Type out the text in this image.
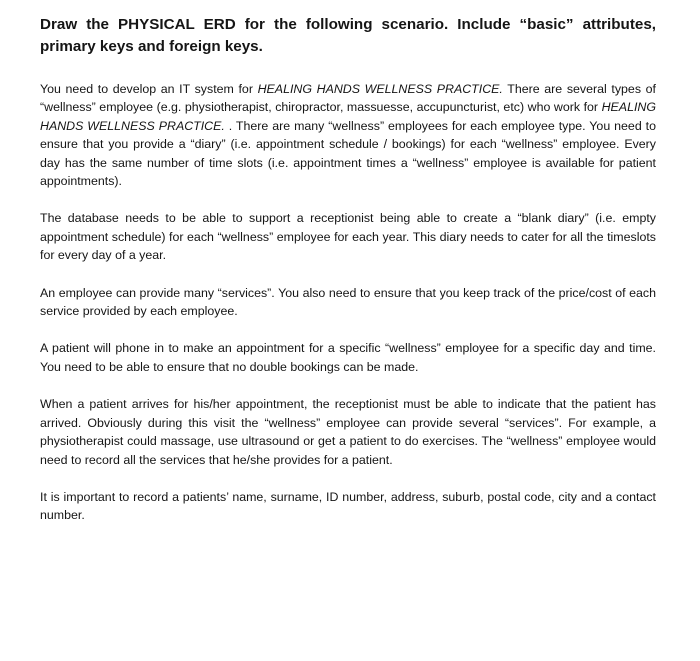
Draw the PHYSICAL ERD for the following scenario. Include “basic” attributes, primary keys and foreign keys.

You need to develop an IT system for HEALING HANDS WELLNESS PRACTICE. There are several types of “wellness” employee (e.g. physiotherapist, chiropractor, massuesse, accupuncturist, etc) who work for HEALING HANDS WELLNESS PRACTICE. . There are many “wellness” employees for each employee type. You need to ensure that you provide a “diary” (i.e. appointment schedule / bookings) for each “wellness” employee. Every day has the same number of time slots (i.e. appointment times a “wellness” employee is available for patient appointments).

The database needs to be able to support a receptionist being able to create a “blank diary” (i.e. empty appointment schedule) for each “wellness” employee for each year. This diary needs to cater for all the timeslots for every day of a year.

An employee can provide many “services”. You also need to ensure that you keep track of the price/cost of each service provided by each employee.

A patient will phone in to make an appointment for a specific “wellness” employee for a specific day and time. You need to be able to ensure that no double bookings can be made.

When a patient arrives for his/her appointment, the receptionist must be able to indicate that the patient has arrived. Obviously during this visit the “wellness” employee can provide several “services”. For example, a physiotherapist could massage, use ultrasound or get a patient to do exercises. The “wellness” employee would need to record all the services that he/she provides for a patient.

It is important to record a patients’ name, surname, ID number, address, suburb, postal code, city and a contact number.
